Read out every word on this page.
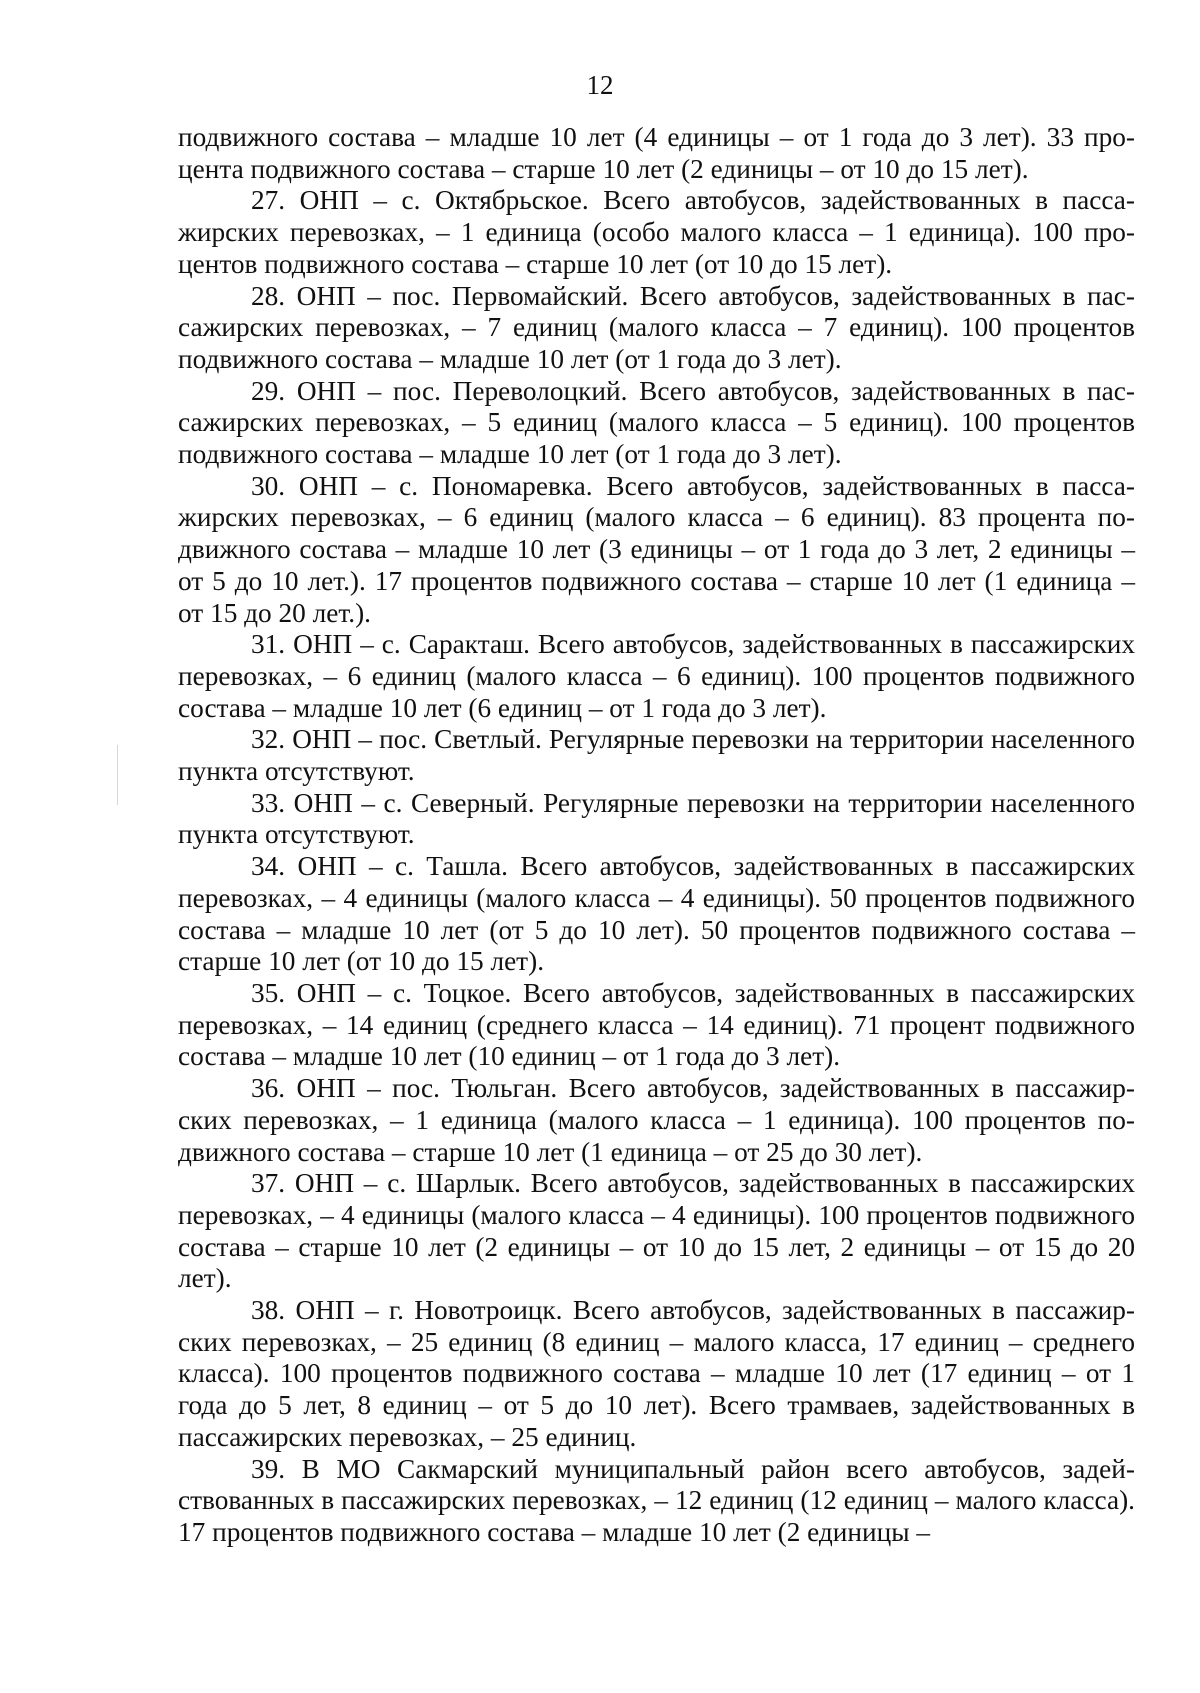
12

подвижного состава – младше 10 лет (4 единицы – от 1 года до 3 лет). 33 процента подвижного состава – старше 10 лет (2 единицы – от 10 до 15 лет).

27. ОНП – с. Октябрьское. Всего автобусов, задействованных в пассажирских перевозках, – 1 единица (особо малого класса – 1 единица). 100 процентов подвижного состава – старше 10 лет (от 10 до 15 лет).

28. ОНП – пос. Первомайский. Всего автобусов, задействованных в пассажирских перевозках, – 7 единиц (малого класса – 7 единиц). 100 процентов подвижного состава – младше 10 лет (от 1 года до 3 лет).

29. ОНП – пос. Переволоцкий. Всего автобусов, задействованных в пассажирских перевозках, – 5 единиц (малого класса – 5 единиц). 100 процентов подвижного состава – младше 10 лет (от 1 года до 3 лет).

30. ОНП – с. Пономаревка. Всего автобусов, задействованных в пассажирских перевозках, – 6 единиц (малого класса – 6 единиц). 83 процента подвижного состава – младше 10 лет (3 единицы – от 1 года до 3 лет, 2 единицы – от 5 до 10 лет.). 17 процентов подвижного состава – старше 10 лет (1 единица – от 15 до 20 лет.).

31. ОНП – с. Саракташ. Всего автобусов, задействованных в пассажирских перевозках, – 6 единиц (малого класса – 6 единиц). 100 процентов подвижного состава – младше 10 лет (6 единиц – от 1 года до 3 лет).

32. ОНП – пос. Светлый. Регулярные перевозки на территории населенного пункта отсутствуют.

33. ОНП – с. Северный. Регулярные перевозки на территории населенного пункта отсутствуют.

34. ОНП – с. Ташла. Всего автобусов, задействованных в пассажирских перевозках, – 4 единицы (малого класса – 4 единицы). 50 процентов подвижного состава – младше 10 лет (от 5 до 10 лет). 50 процентов подвижного состава – старше 10 лет (от 10 до 15 лет).

35. ОНП – с. Тоцкое. Всего автобусов, задействованных в пассажирских перевозках, – 14 единиц (среднего класса – 14 единиц). 71 процент подвижного состава – младше 10 лет (10 единиц – от 1 года до 3 лет).

36. ОНП – пос. Тюльган. Всего автобусов, задействованных в пассажирских перевозках, – 1 единица (малого класса – 1 единица). 100 процентов подвижного состава – старше 10 лет (1 единица – от 25 до 30 лет).

37. ОНП – с. Шарлык. Всего автобусов, задействованных в пассажирских перевозках, – 4 единицы (малого класса – 4 единицы). 100 процентов подвижного состава – старше 10 лет (2 единицы – от 10 до 15 лет, 2 единицы – от 15 до 20 лет).

38. ОНП – г. Новотроицк. Всего автобусов, задействованных в пассажирских перевозках, – 25 единиц (8 единиц – малого класса, 17 единиц – среднего класса). 100 процентов подвижного состава – младше 10 лет (17 единиц – от 1 года до 5 лет, 8 единиц – от 5 до 10 лет). Всего трамваев, задействованных в пассажирских перевозках, – 25 единиц.

39. В МО Сакмарский муниципальный район всего автобусов, задействованных в пассажирских перевозках, – 12 единиц (12 единиц – малого класса). 17 процентов подвижного состава – младше 10 лет (2 единицы –
